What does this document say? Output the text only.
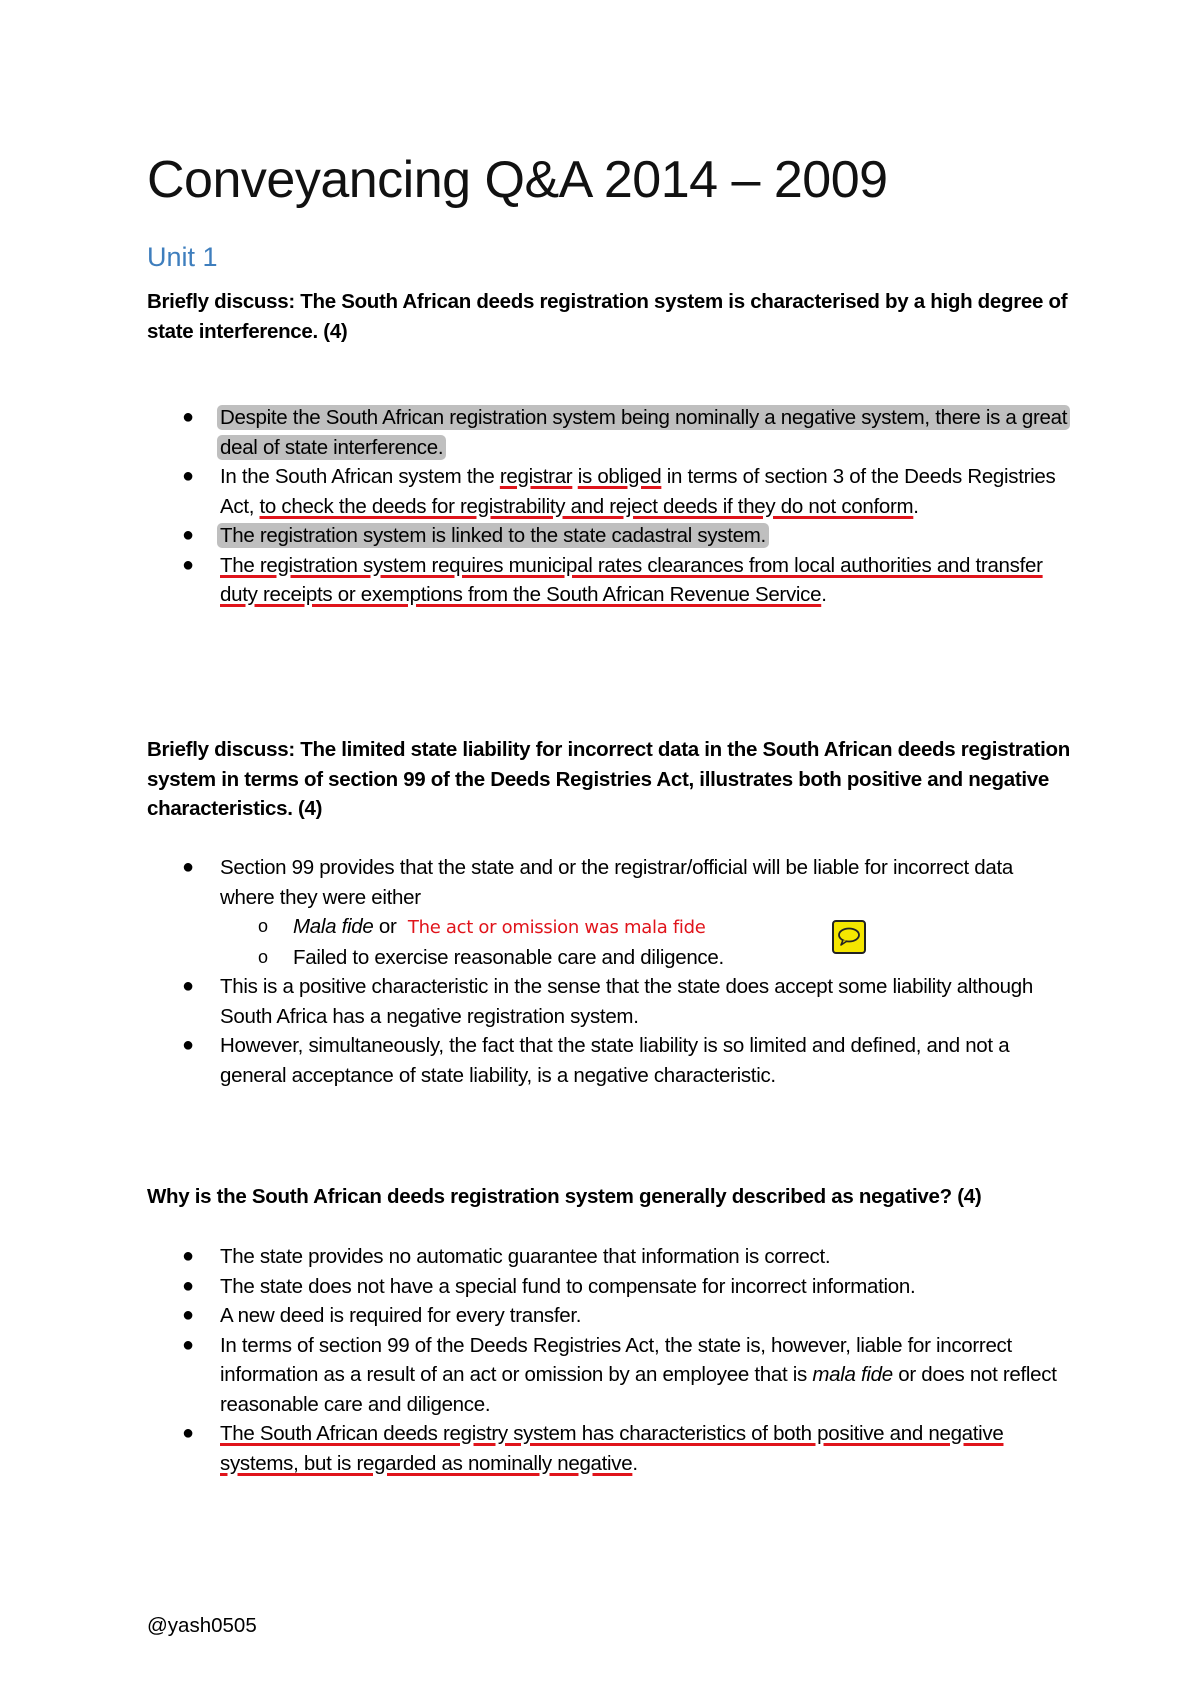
Conveyancing Q&A 2014 – 2009
Unit 1

Briefly discuss: The South African deeds registration system is characterised by a high degree of state interference. (4)

● Despite the South African registration system being nominally a negative system, there is a great deal of state interference.
● In the South African system the registrar is obliged in terms of section 3 of the Deeds Registries Act, to check the deeds for registrability and reject deeds if they do not conform.
● The registration system is linked to the state cadastral system.
● The registration system requires municipal rates clearances from local authorities and transfer duty receipts or exemptions from the South African Revenue Service.

Briefly discuss: The limited state liability for incorrect data in the South African deeds registration system in terms of section 99 of the Deeds Registries Act, illustrates both positive and negative characteristics. (4)

● Section 99 provides that the state and or the registrar/official will be liable for incorrect data where they were either
o Mala fide or The act or omission was mala fide
o Failed to exercise reasonable care and diligence.
● This is a positive characteristic in the sense that the state does accept some liability although South Africa has a negative registration system.
● However, simultaneously, the fact that the state liability is so limited and defined, and not a general acceptance of state liability, is a negative characteristic.

Why is the South African deeds registration system generally described as negative? (4)

● The state provides no automatic guarantee that information is correct.
● The state does not have a special fund to compensate for incorrect information.
● A new deed is required for every transfer.
● In terms of section 99 of the Deeds Registries Act, the state is, however, liable for incorrect information as a result of an act or omission by an employee that is mala fide or does not reflect reasonable care and diligence.
● The South African deeds registry system has characteristics of both positive and negative systems, but is regarded as nominally negative.

@yash0505
